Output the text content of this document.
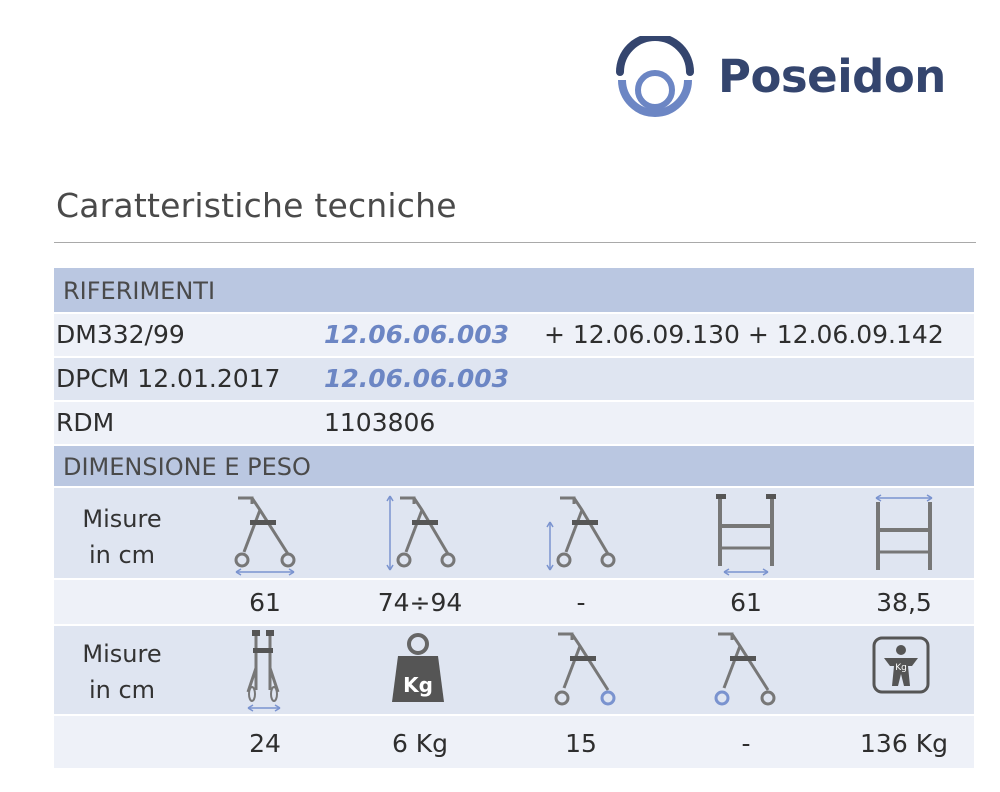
Poseidon
Caratteristiche tecniche
RIFERIMENTI
DM332/99	12.06.06.003 + 12.06.09.130 + 12.06.09.142
DPCM 12.01.2017 12.06.06.003
RDM	1103806
DIMENSIONE E PESO
Misure
in cm
61	74÷94	-	61	38,5
Misure
in cm	Kg
Kg
24	6 Kg	15	-	136 Kg
